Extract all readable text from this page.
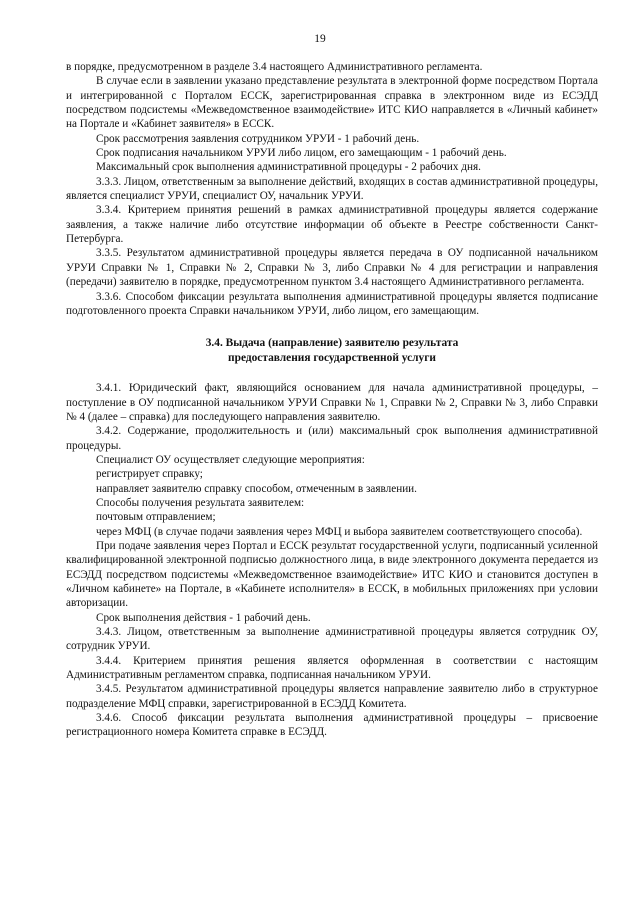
19

в порядке, предусмотренном в разделе 3.4 настоящего Административного регламента.

В случае если в заявлении указано представление результата в электронной форме посредством Портала и интегрированной с Порталом ЕССК, зарегистрированная справка в электронном виде из ЕСЭДД посредством подсистемы «Межведомственное взаимодействие» ИТС КИО направляется в «Личный кабинет» на Портале и «Кабинет заявителя» в ЕССК.

Срок рассмотрения заявления сотрудником УРУИ - 1 рабочий день.

Срок подписания начальником УРУИ либо лицом, его замещающим - 1 рабочий день.

Максимальный срок выполнения административной процедуры - 2 рабочих дня.

3.3.3. Лицом, ответственным за выполнение действий, входящих в состав административной процедуры, является специалист УРУИ, специалист ОУ, начальник УРУИ.

3.3.4. Критерием принятия решений в рамках административной процедуры является содержание заявления, а также наличие либо отсутствие информации об объекте в Реестре собственности Санкт-Петербурга.

3.3.5. Результатом административной процедуры является передача в ОУ подписанной начальником УРУИ Справки № 1, Справки № 2, Справки № 3, либо Справки № 4 для регистрации и направления (передачи) заявителю в порядке, предусмотренном пунктом 3.4 настоящего Административного регламента.

3.3.6. Способом фиксации результата выполнения административной процедуры является подписание подготовленного проекта Справки начальником УРУИ, либо лицом, его замещающим.

3.4. Выдача (направление) заявителю результата
предоставления государственной услуги

3.4.1. Юридический факт, являющийся основанием для начала административной процедуры, – поступление в ОУ подписанной начальником УРУИ Справки № 1, Справки № 2, Справки № 3, либо Справки № 4 (далее – справка) для последующего направления заявителю.

3.4.2. Содержание, продолжительность и (или) максимальный срок выполнения административной процедуры.

Специалист ОУ осуществляет следующие мероприятия:

регистрирует справку;

направляет заявителю справку способом, отмеченным в заявлении.

Способы получения результата заявителем:

почтовым отправлением;

через МФЦ (в случае подачи заявления через МФЦ и выбора заявителем соответствующего способа).

При подаче заявления через Портал и ЕССК результат государственной услуги, подписанный усиленной квалифицированной электронной подписью должностного лица, в виде электронного документа передается из ЕСЭДД посредством подсистемы «Межведомственное взаимодействие» ИТС КИО и становится доступен в «Личном кабинете» на Портале, в «Кабинете исполнителя» в ЕССК, в мобильных приложениях при условии авторизации.

Срок выполнения действия - 1 рабочий день.

3.4.3. Лицом, ответственным за выполнение административной процедуры является сотрудник ОУ, сотрудник УРУИ.

3.4.4. Критерием принятия решения является оформленная в соответствии с настоящим Административным регламентом справка, подписанная начальником УРУИ.

3.4.5. Результатом административной процедуры является направление заявителю либо в структурное подразделение МФЦ справки, зарегистрированной в ЕСЭДД Комитета.

3.4.6. Способ фиксации результата выполнения административной процедуры – присвоение регистрационного номера Комитета справке в ЕСЭДД.
